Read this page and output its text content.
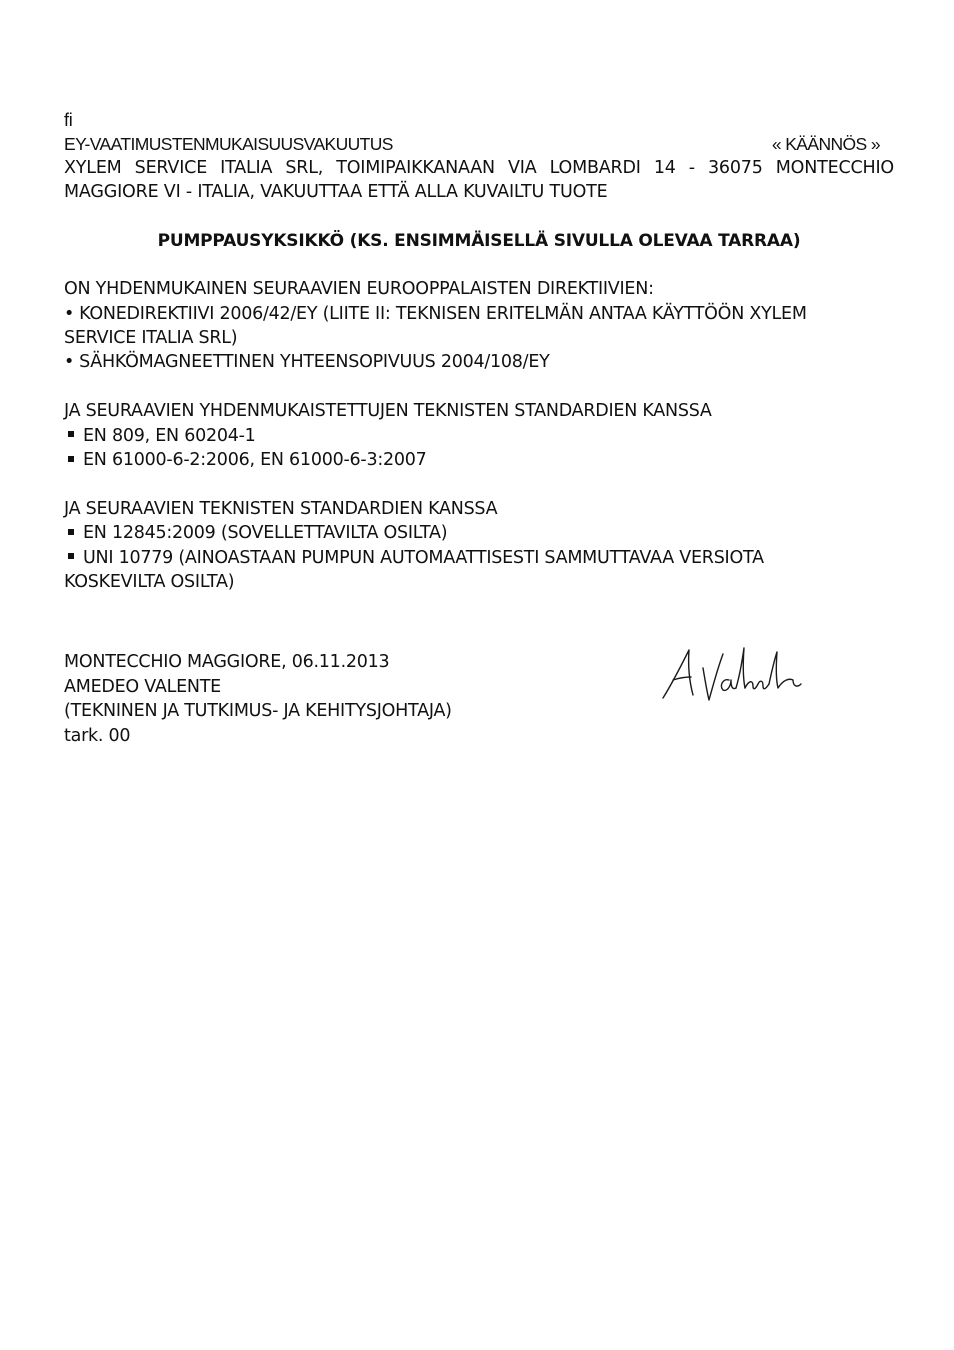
fi
EY-VAATIMUSTENMUKAISUUSVAKUUTUS	« KÄÄNNÖS »
XYLEM SERVICE ITALIA SRL, TOIMIPAIKKANAAN VIA LOMBARDI 14 - 36075 MONTECCHIO MAGGIORE VI - ITALIA, VAKUUTTAA ETTÄ ALLA KUVAILTU TUOTE
PUMPPAUSYKSIKKÖ (KS. ENSIMMÄISELLÄ SIVULLA OLEVAA TARRAA)
ON YHDENMUKAINEN SEURAAVIEN EUROOPPALAISTEN DIREKTIIVIEN:
• KONEDIREKTIIVI 2006/42/EY (LIITE II: TEKNISEN ERITELMÄN ANTAA KÄYTTÖÖN XYLEM
SERVICE ITALIA SRL)
• SÄHKÖMAGNEETTINEN YHTEENSOPIVUUS 2004/108/EY
JA SEURAAVIEN YHDENMUKAISTETTUJEN TEKNISTEN STANDARDIEN KANSSA
EN 809, EN 60204-1
EN 61000-6-2:2006, EN 61000-6-3:2007
JA SEURAAVIEN TEKNISTEN STANDARDIEN KANSSA
EN 12845:2009 (SOVELLETTAVILTA OSILTA)
UNI 10779 (AINOASTAAN PUMPUN AUTOMAATTISESTI SAMMUTTAVAA VERSIOTA
KOSKEVILTA OSILTA)
MONTECCHIO MAGGIORE, 06.11.2013
AMEDEO VALENTE
(TEKNINEN JA TUTKIMUS- JA KEHITYSJOHTAJA)
tark. 00
